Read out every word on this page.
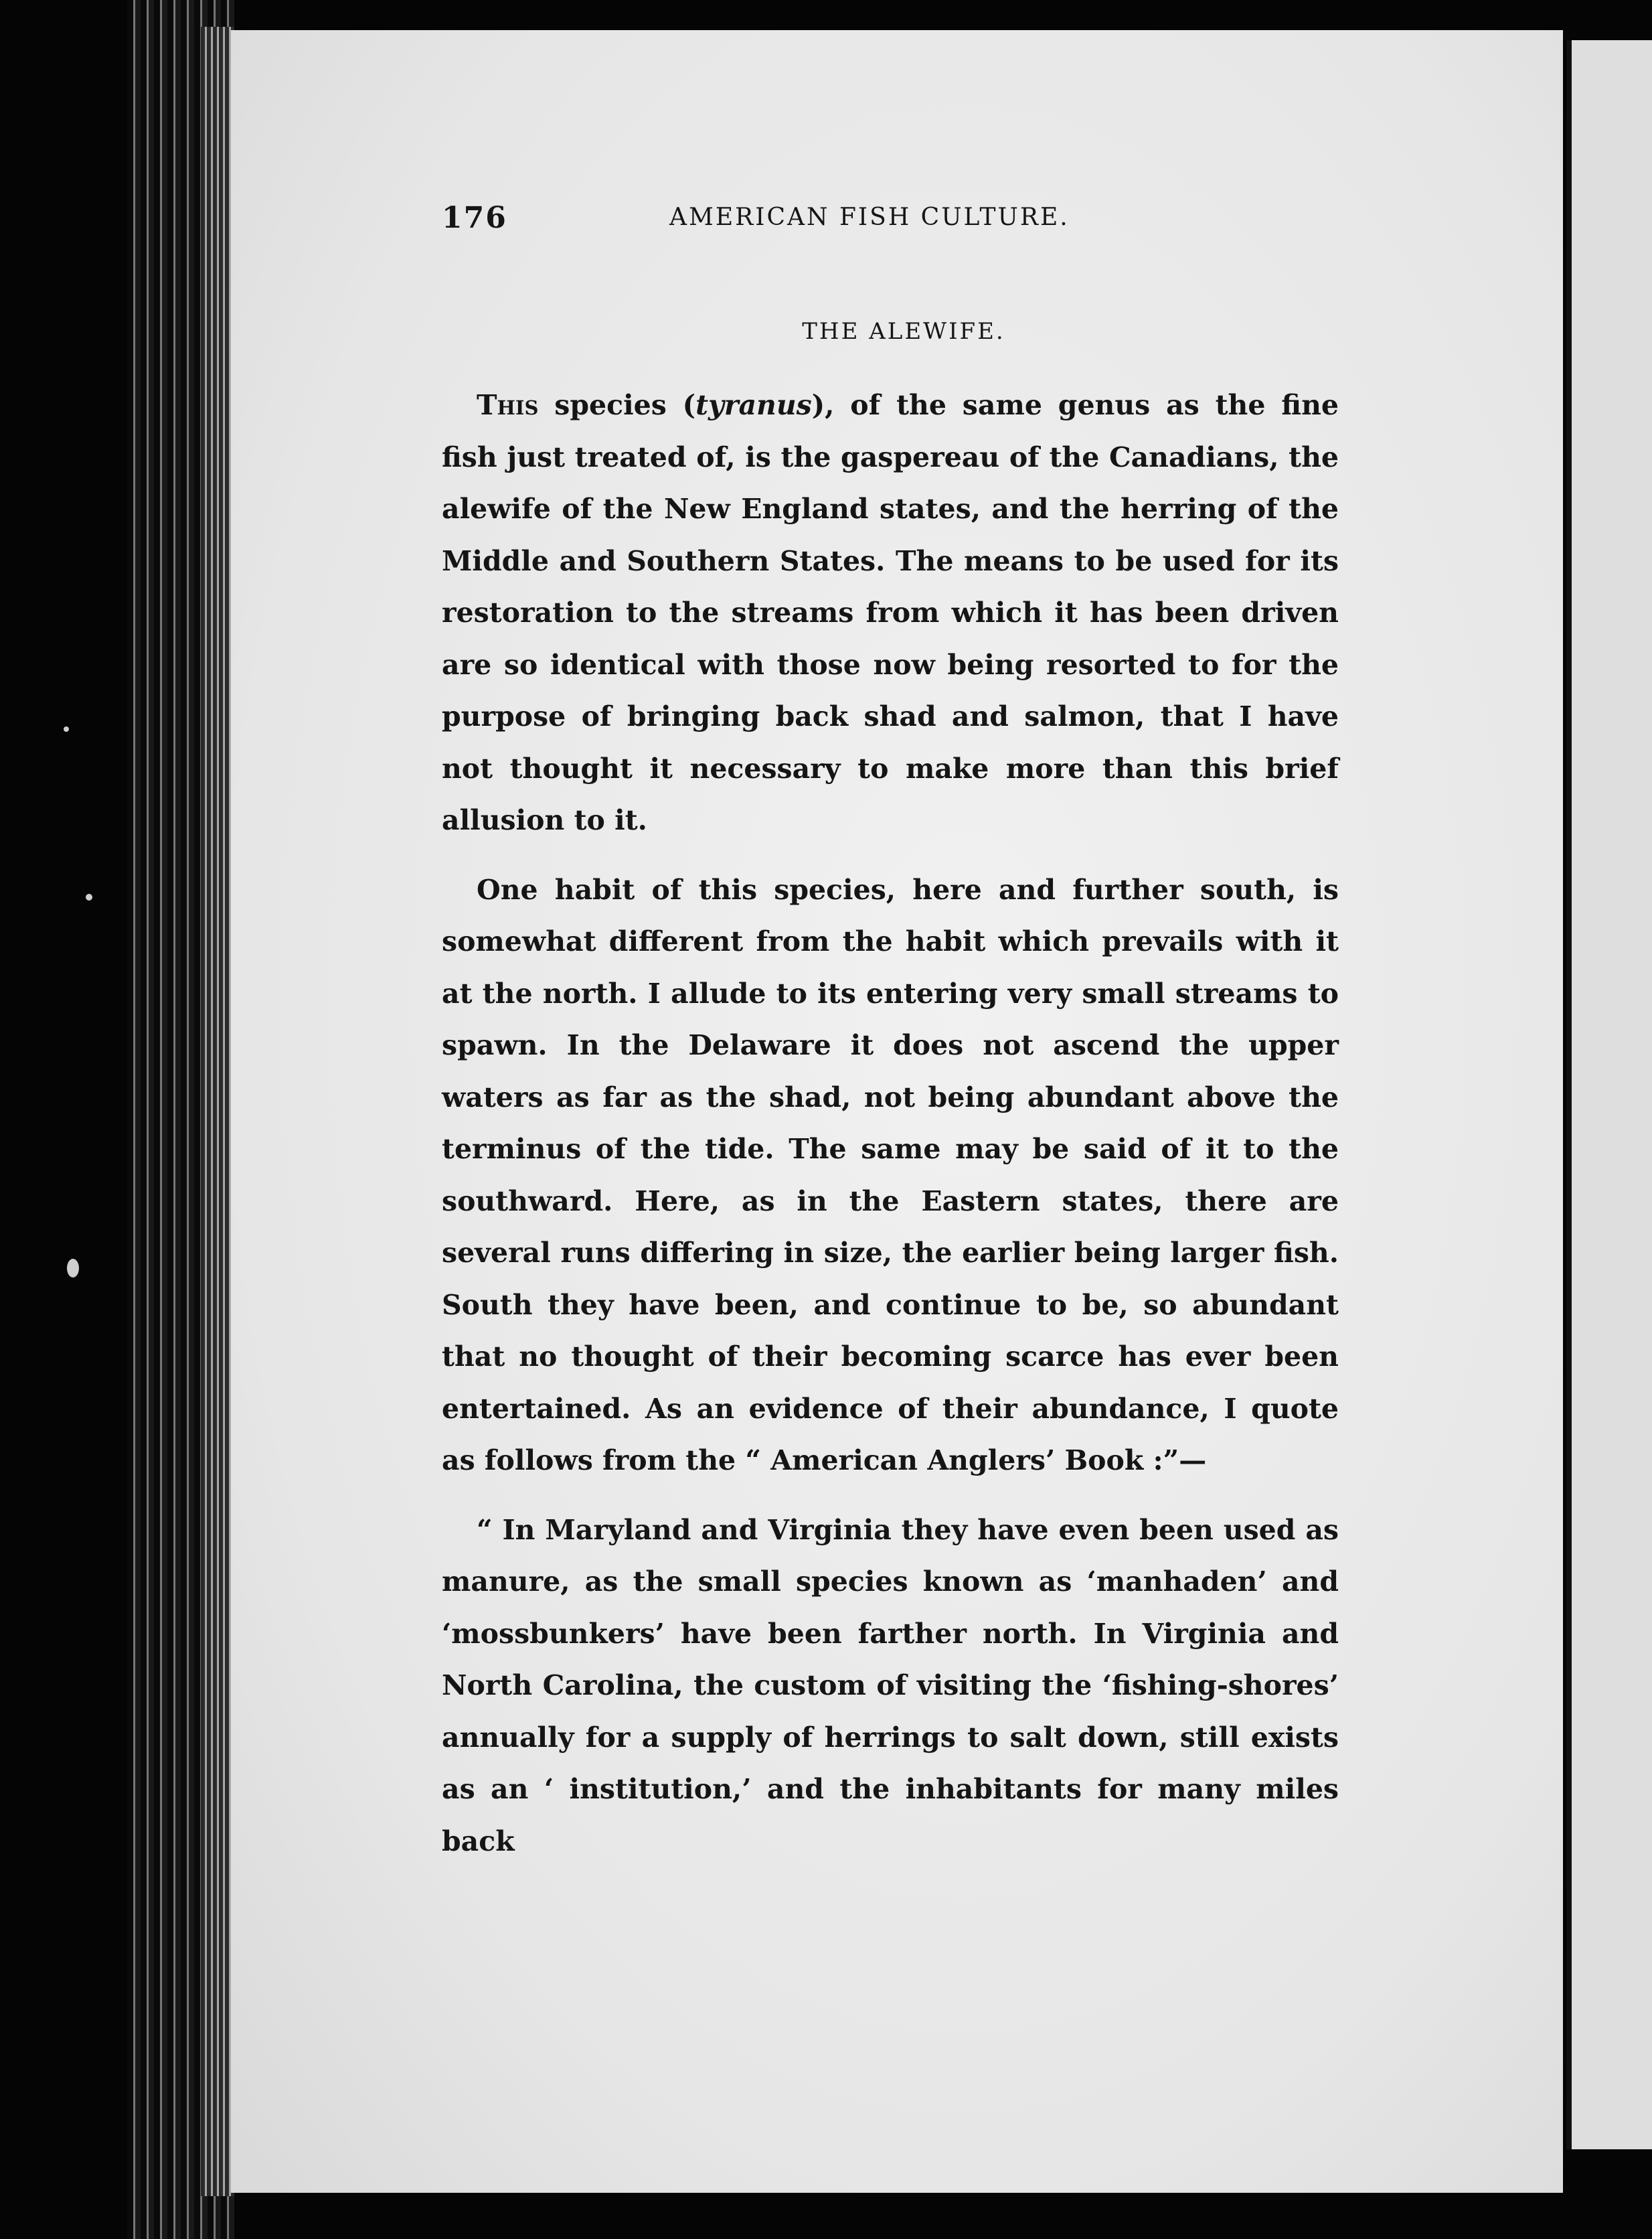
176	AMERICAN FISH CULTURE.
THE ALEWIFE.

This species (tyranus), of the same genus as the fine fish just treated of, is the gaspereau of the Canadians, the alewife of the New England states, and the herring of the Middle and Southern States. The means to be used for its restoration to the streams from which it has been driven are so identical with those now being resorted to for the purpose of bringing back shad and salmon, that I have not thought it necessary to make more than this brief allusion to it.

One habit of this species, here and further south, is somewhat different from the habit which prevails with it at the north. I allude to its entering very small streams to spawn. In the Delaware it does not ascend the upper waters as far as the shad, not being abundant above the terminus of the tide. The same may be said of it to the southward. Here, as in the Eastern states, there are several runs differing in size, the earlier being larger fish. South they have been, and continue to be, so abundant that no thought of their becoming scarce has ever been entertained. As an evidence of their abundance, I quote as follows from the “ American Anglers’ Book :”—

“ In Maryland and Virginia they have even been used as manure, as the small species known as ‘manhaden’ and ‘mossbunkers’ have been farther north. In Virginia and North Carolina, the custom of visiting the ‘fishing-shores’ annually for a supply of herrings to salt down, still exists as an ‘ institution,’ and the inhabitants for many miles back
